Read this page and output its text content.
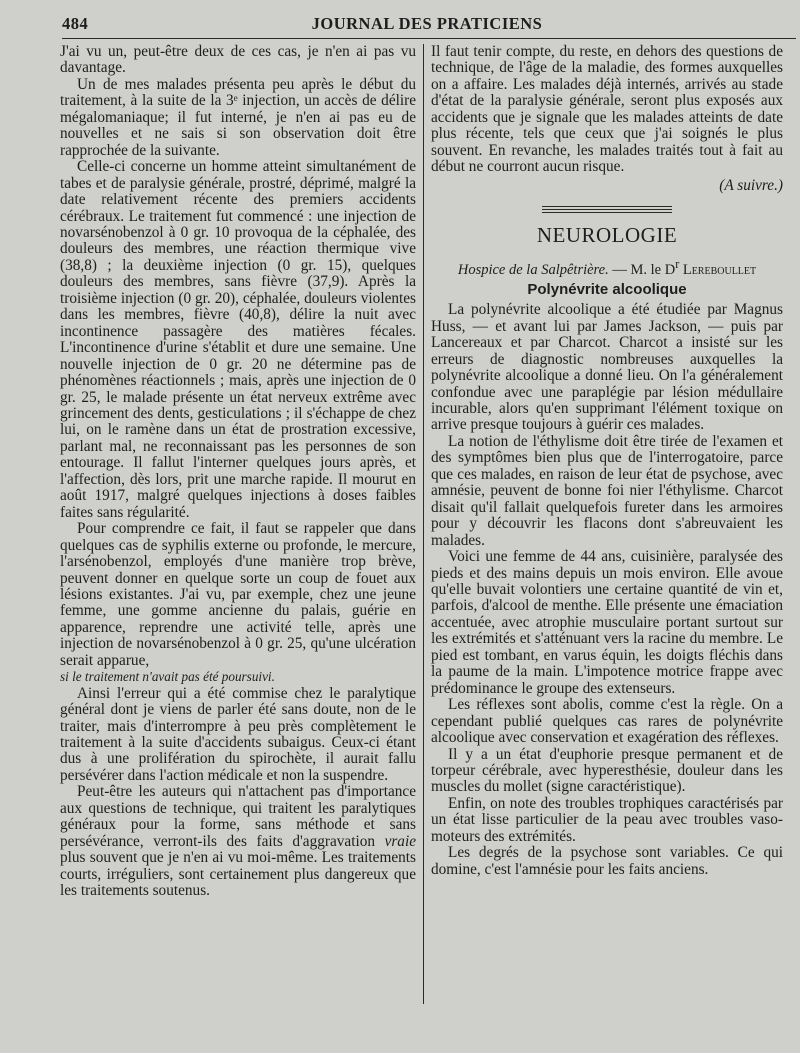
484	JOURNAL DES PRATICIENS

J'ai vu un, peut-être deux de ces cas, je n'en ai pas vu davantage.

Un de mes malades présenta peu après le début du traitement, à la suite de la 3ᵉ injection, un accès de délire mégalomaniaque; il fut interné, je n'en ai pas eu de nouvelles et ne sais si son observation doit être rapprochée de la suivante.

Celle-ci concerne un homme atteint simultanément de tabes et de paralysie générale, prostré, déprimé, malgré la date relativement récente des premiers accidents cérébraux. Le traitement fut commencé : une injection de novarsénobenzol à 0 gr. 10 provoqua de la céphalée, des douleurs des membres, une réaction thermique vive (38,8) ; la deuxième injection (0 gr. 15), quelques douleurs des membres, sans fièvre (37,9). Après la troisième injection (0 gr. 20), céphalée, douleurs violentes dans les membres, fièvre (40,8), délire la nuit avec incontinence passagère des matières fécales. L'incontinence d'urine s'établit et dure une semaine. Une nouvelle injection de 0 gr. 20 ne détermine pas de phénomènes réactionnels ; mais, après une injection de 0 gr. 25, le malade présente un état nerveux extrême avec grincement des dents, gesticulations ; il s'échappe de chez lui, on le ramène dans un état de prostration excessive, parlant mal, ne reconnaissant pas les personnes de son entourage. Il fallut l'interner quelques jours après, et l'affection, dès lors, prit une marche rapide. Il mourut en août 1917, malgré quelques injections à doses faibles faites sans régularité.

Pour comprendre ce fait, il faut se rappeler que dans quelques cas de syphilis externe ou profonde, le mercure, l'arsénobenzol, employés d'une manière trop brève, peuvent donner en quelque sorte un coup de fouet aux lésions existantes. J'ai vu, par exemple, chez une jeune femme, une gomme ancienne du palais, guérie en apparence, reprendre une activité telle, après une injection de novarsénobenzol à 0 gr. 25, qu'une ulcération serait apparue,

si le traitement n'avait pas été poursuivi.

Ainsi l'erreur qui a été commise chez le paralytique général dont je viens de parler été sans doute, non de le traiter, mais d'interrompre à peu près complètement le traitement à la suite d'accidents subaigus. Ceux-ci étant dus à une prolifération du spirochète, il aurait fallu persévérer dans l'action médicale et non la suspendre.

Peut-être les auteurs qui n'attachent pas d'importance aux questions de technique, qui traitent les paralytiques généraux pour la forme, sans méthode et sans persévérance, verront-ils des faits d'aggravation vraie plus souvent que je n'en ai vu moi-même. Les traitements courts, irréguliers, sont certainement plus dangereux que les traitements soutenus.

Il faut tenir compte, du reste, en dehors des questions de technique, de l'âge de la maladie, des formes auxquelles on a affaire. Les malades déjà internés, arrivés au stade d'état de la paralysie générale, seront plus exposés aux accidents que je signale que les malades atteints de date plus récente, tels que ceux que j'ai soignés le plus souvent. En revanche, les malades traités tout à fait au début ne courront aucun risque.

(A suivre.)
NEUROLOGIE
Hospice de la Salpêtrière. — M. le $D^r$ Lereboullet
Polynévrite alcoolique

La polynévrite alcoolique a été étudiée par Magnus Huss, — et avant lui par James Jackson, — puis par Lancereaux et par Charcot. Charcot a insisté sur les erreurs de diagnostic nombreuses auxquelles la polynévrite alcoolique a donné lieu. On l'a généralement confondue avec une paraplégie par lésion médullaire incurable, alors qu'en supprimant l'élément toxique on arrive presque toujours à guérir ces malades.

La notion de l'éthylisme doit être tirée de l'examen et des symptômes bien plus que de l'interrogatoire, parce que ces malades, en raison de leur état de psychose, avec amnésie, peuvent de bonne foi nier l'éthylisme. Charcot disait qu'il fallait quelquefois fureter dans les armoires pour y découvrir les flacons dont s'abreuvaient les malades.

Voici une femme de 44 ans, cuisinière, paralysée des pieds et des mains depuis un mois environ. Elle avoue qu'elle buvait volontiers une certaine quantité de vin et, parfois, d'alcool de menthe. Elle présente une émaciation accentuée, avec atrophie musculaire portant surtout sur les extrémités et s'atténuant vers la racine du membre. Le pied est tombant, en varus équin, les doigts fléchis dans la paume de la main. L'impotence motrice frappe avec prédominance le groupe des extenseurs.

Les réflexes sont abolis, comme c'est la règle. On a cependant publié quelques cas rares de polynévrite alcoolique avec conservation et exagération des réflexes.

Il y a un état d'euphorie presque permanent et de torpeur cérébrale, avec hyperesthésie, douleur dans les muscles du mollet (signe caractéristique).

Enfin, on note des troubles trophiques caractérisés par un état lisse particulier de la peau avec troubles vaso-moteurs des extrémités.

Les degrés de la psychose sont variables. Ce qui domine, c'est l'amnésie pour les faits anciens.
